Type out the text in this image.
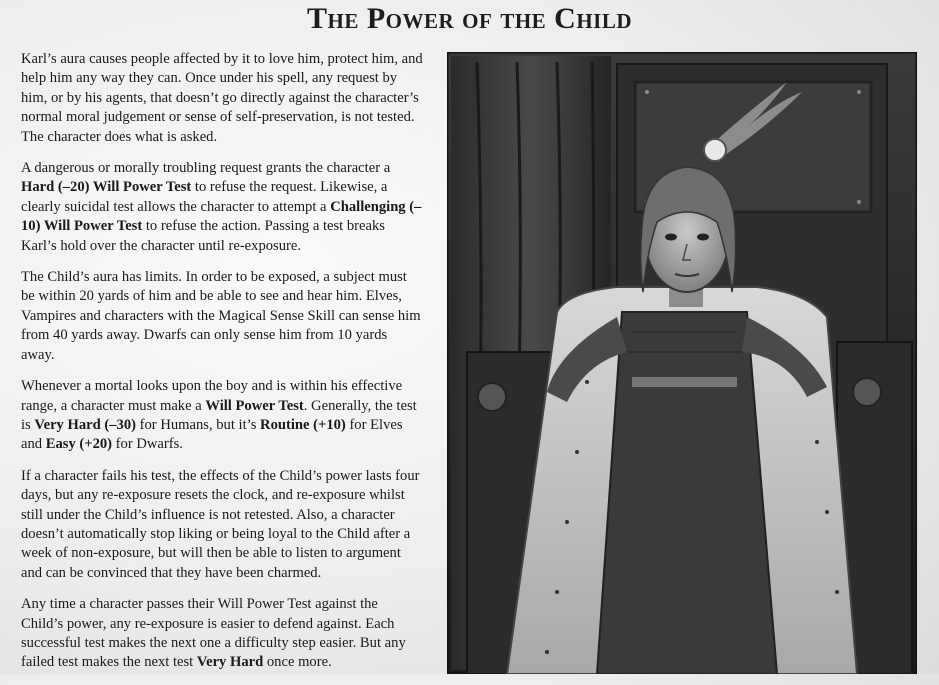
The Power of the Child

Karl’s aura causes people affected by it to love him, protect him, and help him any way they can. Once under his spell, any request by him, or by his agents, that doesn’t go directly against the character’s normal moral judgement or sense of self-preservation, is not tested. The character does what is asked.

A dangerous or morally troubling request grants the character a Hard (–20) Will Power Test to refuse the request. Likewise, a clearly suicidal test allows the character to attempt a Challenging (–10) Will Power Test to refuse the action. Passing a test breaks Karl’s hold over the character until re-exposure.

The Child’s aura has limits. In order to be exposed, a subject must be within 20 yards of him and be able to see and hear him. Elves, Vampires and characters with the Magical Sense Skill can sense him from 40 yards away. Dwarfs can only sense him from 10 yards away.

Whenever a mortal looks upon the boy and is within his effective range, a character must make a Will Power Test. Generally, the test is Very Hard (–30) for Humans, but it’s Routine (+10) for Elves and Easy (+20) for Dwarfs.

If a character fails his test, the effects of the Child’s power lasts four days, but any re-exposure resets the clock, and re-exposure whilst still under the Child’s influence is not retested. Also, a character doesn’t automatically stop liking or being loyal to the Child after a week of non-exposure, but will then be able to listen to argument and can be convinced that they have been charmed.

Any time a character passes their Will Power Test against the Child’s power, any re-exposure is easier to defend against. Each successful test makes the next one a difficulty step easier. But any failed test makes the next test Very Hard once more.
